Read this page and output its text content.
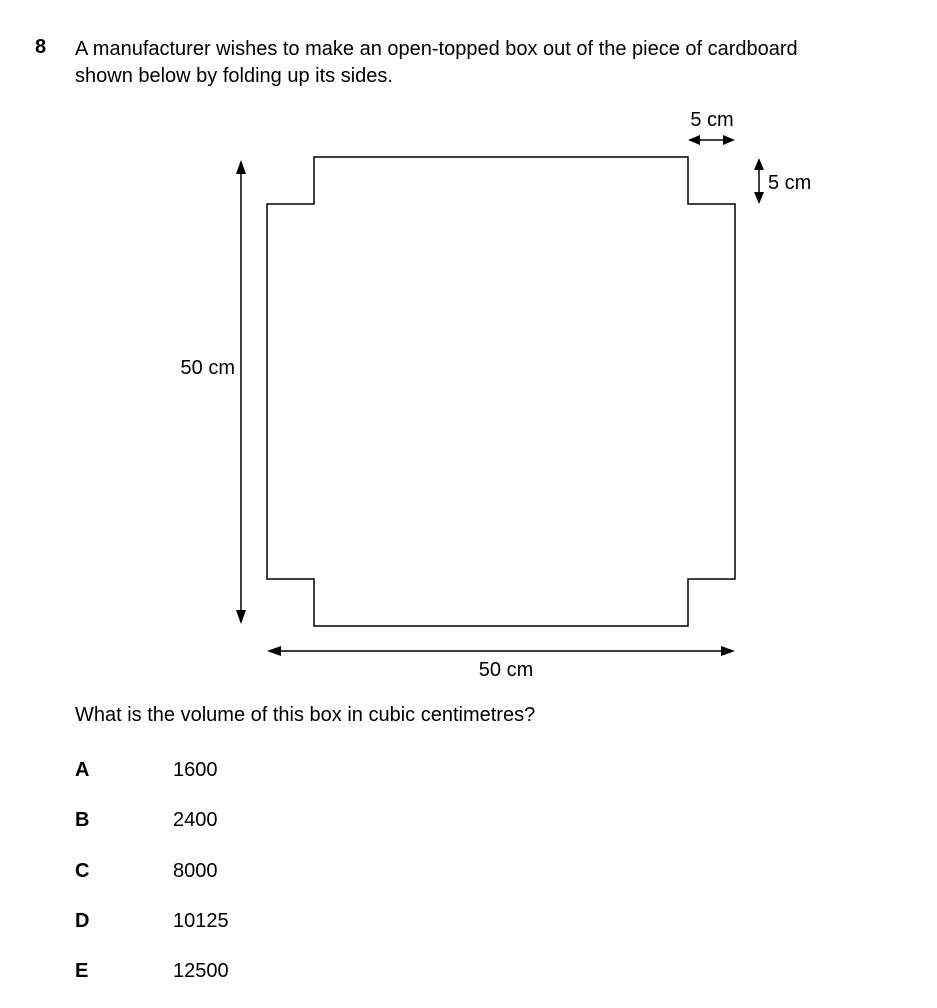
8 A manufacturer wishes to make an open-topped box out of the piece of cardboard
shown below by folding up its sides.
50 cm
50 cm
5 cm
5 cm
What is the volume of this box in cubic centimetres?
A	1600
B	2400
C	8000
D	10125
E	12500
